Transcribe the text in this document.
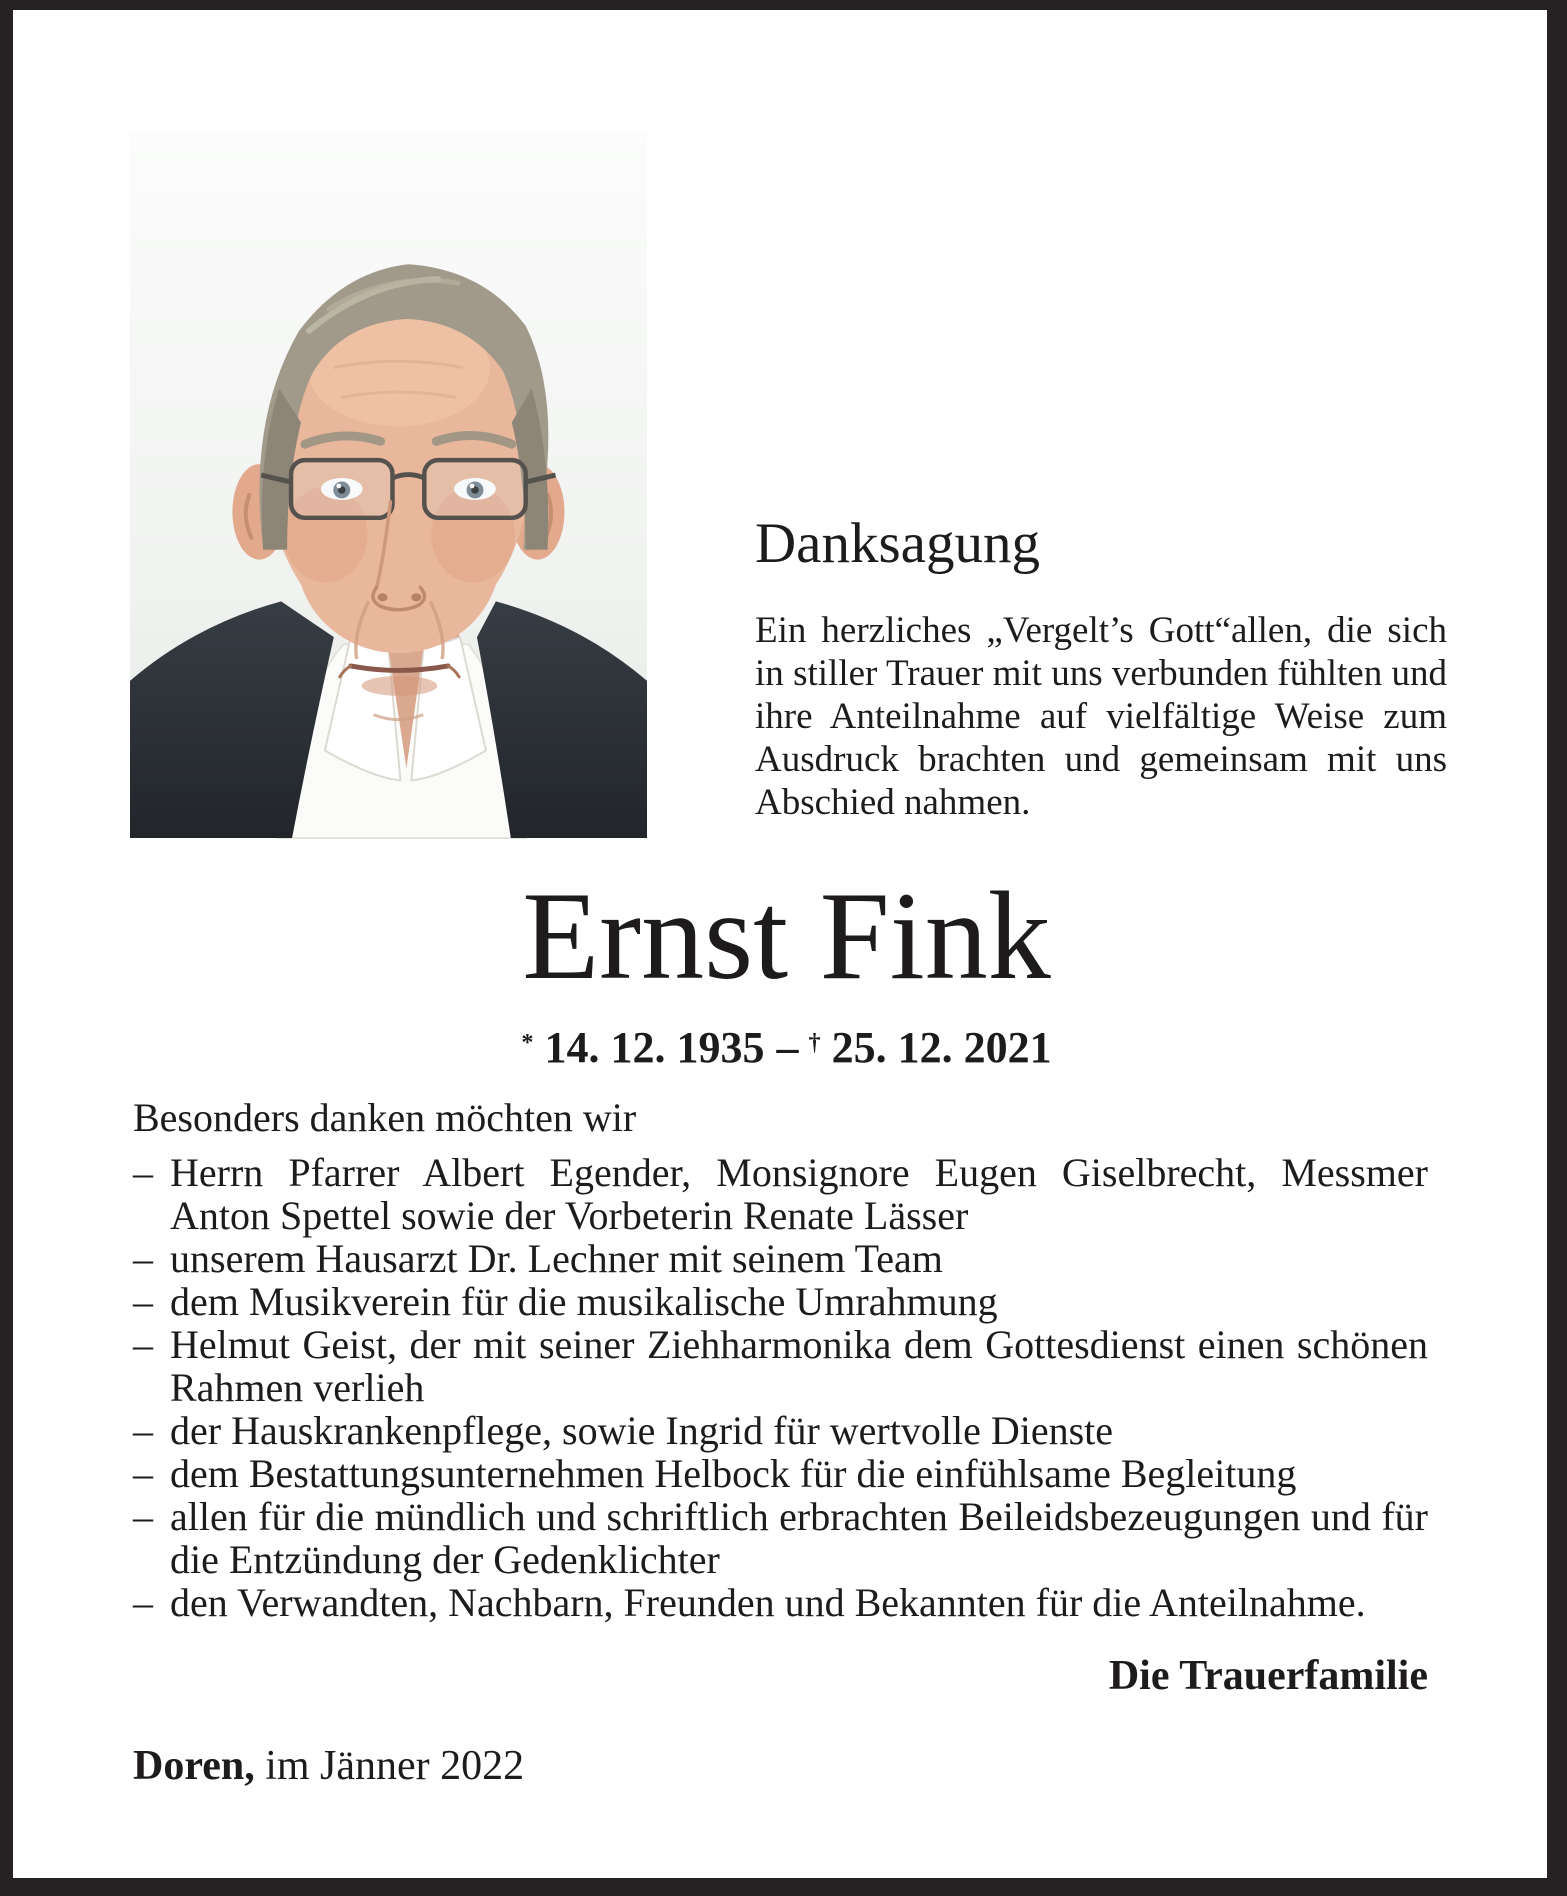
Danksagung

Ein herzliches „Vergelt’s Gott“allen, die sich in stiller Trauer mit uns verbunden fühlten und ihre Anteilnahme auf vielfältige Weise zum Ausdruck brachten und gemeinsam mit uns Abschied nahmen.

Ernst Fink
* 14. 12. 1935 – † 25. 12. 2021
Besonders danken möchten wir
– Herrn Pfarrer Albert Egender, Monsignore Eugen Giselbrecht, Messmer Anton Spettel sowie der Vorbeterin Renate Lässer
– unserem Hausarzt Dr. Lechner mit seinem Team
– dem Musikverein für die musikalische Umrahmung
– Helmut Geist, der mit seiner Ziehharmonika dem Gottesdienst einen schönen Rahmen verlieh
– der Hauskrankenpflege, sowie Ingrid für wertvolle Dienste
– dem Bestattungsunternehmen Helbock für die einfühlsame Begleitung
– allen für die mündlich und schriftlich erbrachten Beileidsbezeugungen und für die Entzündung der Gedenklichter
– den Verwandten, Nachbarn, Freunden und Bekannten für die Anteilnahme.
Die Trauerfamilie
Doren, im Jänner 2022
